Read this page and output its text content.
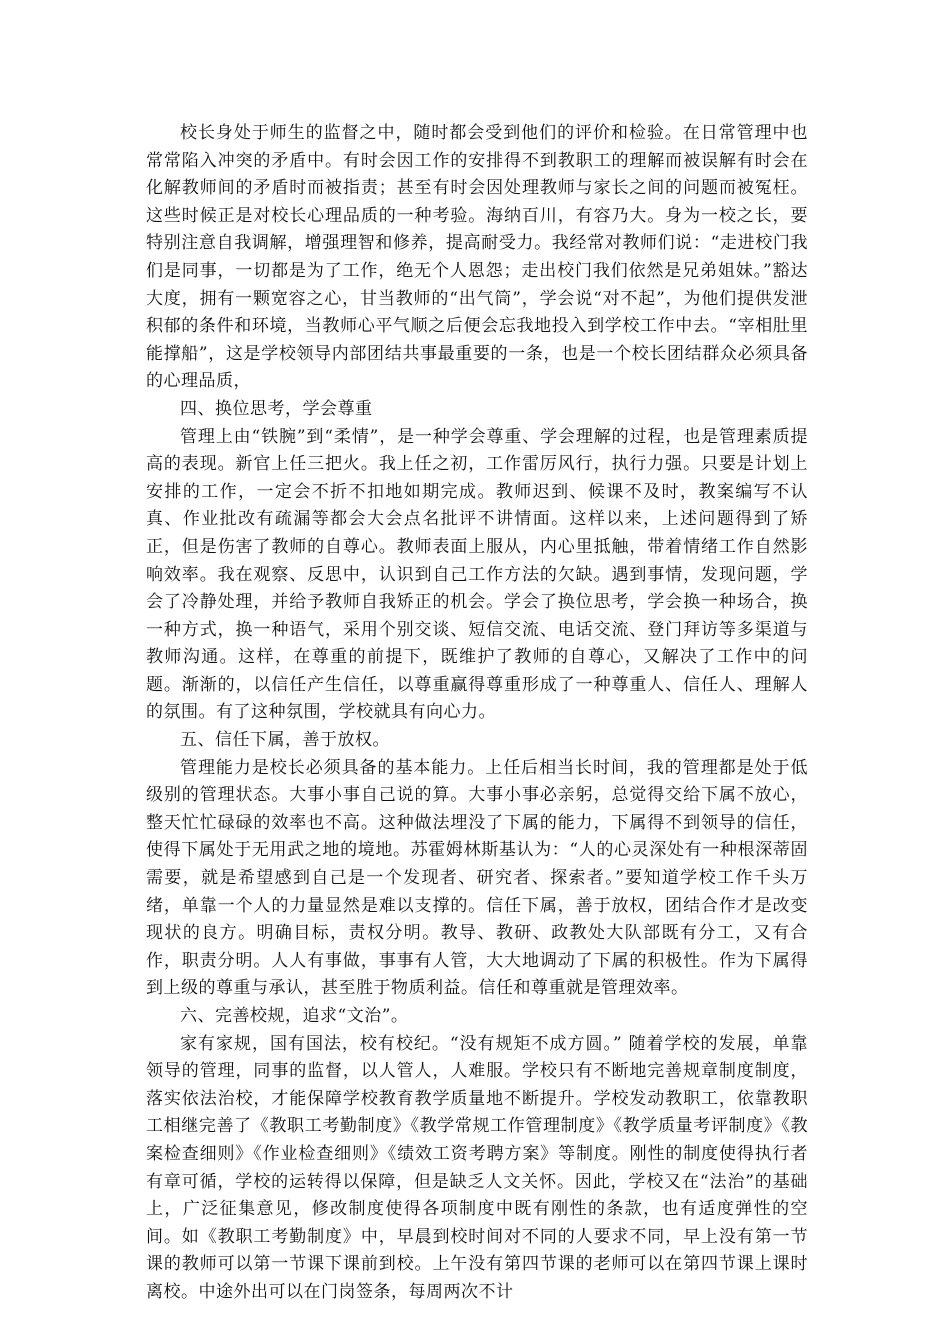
校长身处于师生的监督之中，随时都会受到他们的评价和检验。在日常管理中也常常陷入冲突的矛盾中。有时会因工作的安排得不到教职工的理解而被误解有时会在化解教师间的矛盾时而被指责；甚至有时会因处理教师与家长之间的问题而被冤枉。这些时候正是对校长心理品质的一种考验。海纳百川，有容乃大。身为一校之长，要特别注意自我调解，增强理智和修养，提高耐受力。我经常对教师们说：“走进校门我们是同事，一切都是为了工作，绝无个人恩怨；走出校门我们依然是兄弟姐妹。”豁达大度，拥有一颗宽容之心，甘当教师的“出气筒”，学会说“对不起”，为他们提供发泄积郁的条件和环境，当教师心平气顺之后便会忘我地投入到学校工作中去。“宰相肚里能撑船”，这是学校领导内部团结共事最重要的一条，也是一个校长团结群众必须具备的心理品质，

四、换位思考，学会尊重

管理上由“铁腕”到“柔情”，是一种学会尊重、学会理解的过程，也是管理素质提高的表现。新官上任三把火。我上任之初，工作雷厉风行，执行力强。只要是计划上安排的工作，一定会不折不扣地如期完成。教师迟到、候课不及时，教案编写不认真、作业批改有疏漏等都会大会点名批评不讲情面。这样以来，上述问题得到了矫正，但是伤害了教师的自尊心。教师表面上服从，内心里抵触，带着情绪工作自然影响效率。我在观察、反思中，认识到自己工作方法的欠缺。遇到事情，发现问题，学会了冷静处理，并给予教师自我矫正的机会。学会了换位思考，学会换一种场合，换一种方式，换一种语气，采用个别交谈、短信交流、电话交流、登门拜访等多渠道与教师沟通。这样，在尊重的前提下，既维护了教师的自尊心，又解决了工作中的问题。渐渐的，以信任产生信任，以尊重赢得尊重形成了一种尊重人、信任人、理解人的氛围。有了这种氛围，学校就具有向心力。

五、信任下属，善于放权。

管理能力是校长必须具备的基本能力。上任后相当长时间，我的管理都是处于低级别的管理状态。大事小事自己说的算。大事小事必亲躬，总觉得交给下属不放心，整天忙忙碌碌的效率也不高。这种做法埋没了下属的能力，下属得不到领导的信任，使得下属处于无用武之地的境地。苏霍姆林斯基认为：“人的心灵深处有一种根深蒂固需要，就是希望感到自己是一个发现者、研究者、探索者。”要知道学校工作千头万绪，单靠一个人的力量显然是难以支撑的。信任下属，善于放权，团结合作才是改变现状的良方。明确目标，责权分明。教导、教研、政教处大队部既有分工，又有合作，职责分明。人人有事做，事事有人管，大大地调动了下属的积极性。作为下属得到上级的尊重与承认，甚至胜于物质利益。信任和尊重就是管理效率。

六、完善校规，追求“文治”。

家有家规，国有国法，校有校纪。“没有规矩不成方圆。” 随着学校的发展，单靠领导的管理，同事的监督，以人管人，人难服。学校只有不断地完善规章制度制度，落实依法治校，才能保障学校教育教学质量地不断提升。学校发动教职工，依靠教职工相继完善了《教职工考勤制度》《教学常规工作管理制度》《教学质量考评制度》《教案检查细则》《作业检查细则》《绩效工资考聘方案》等制度。刚性的制度使得执行者有章可循，学校的运转得以保障，但是缺乏人文关怀。因此，学校又在“法治”的基础上，广泛征集意见，修改制度使得各项制度中既有刚性的条款，也有适度弹性的空间。如《教职工考勤制度》中，早晨到校时间对不同的人要求不同，早上没有第一节课的教师可以第一节课下课前到校。上午没有第四节课的老师可以在第四节课上课时离校。中途外出可以在门岗签条，每周两次不计
